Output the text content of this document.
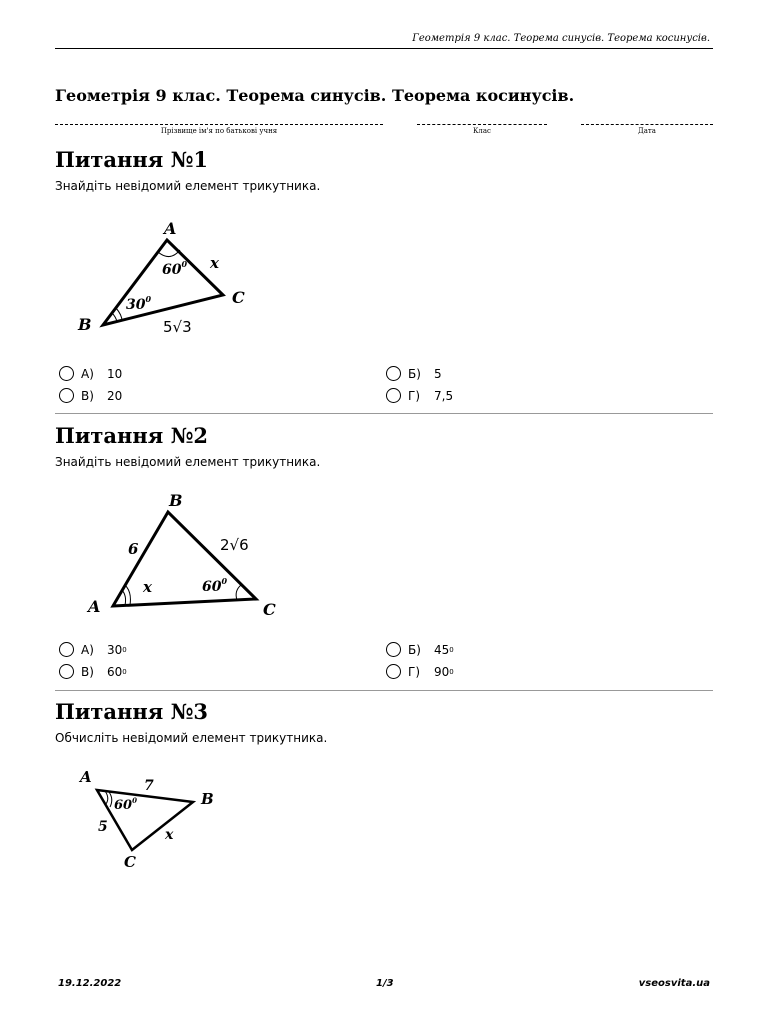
Геометрія 9 клас. Теорема синусів. Теорема косинусів.
Геометрія 9 клас. Теорема синусів. Теорема косинусів.
Прізвище ім'я по батькові учня	Клас	Дата
Питання №1
Знайдіть невідомий елемент трикутника.
A
B
C
$60^0$
$30^0$
x
5√3
А)	10	Б)	5
В)	20	Г)	7,5
Питання №2
Знайдіть невідомий елемент трикутника.
B
A	C
x	$60^0$
6	2√6
А)	30 0	Б)	45 0
В)	60 0	Г)	90 0
Питання №3
Обчисліть невідомий елемент трикутника.
A
B
C
$60^0$
7
5	x
19.12.2022	1/3	vseosvita.ua
